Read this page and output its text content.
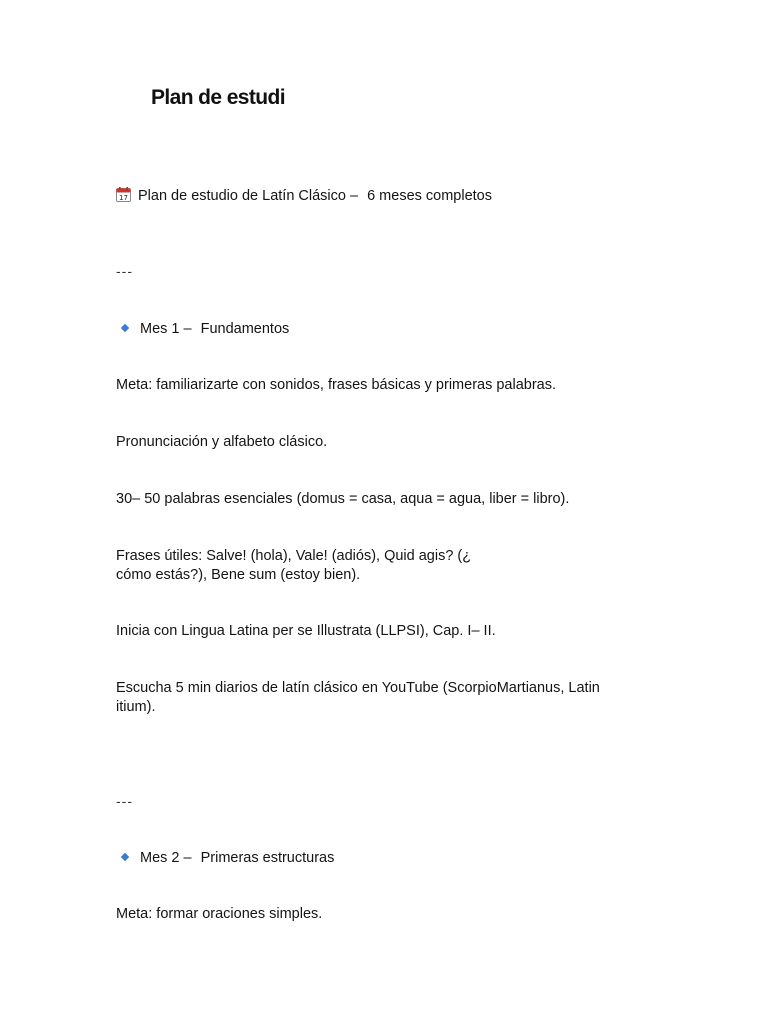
Plan de estudi
17 Plan de estudio de Latín Clásico – 6 meses completos
---
Mes 1 – Fundamentos
Meta: familiarizarte con sonidos, frases básicas y primeras palabras.
Pronunciación y alfabeto clásico.
30– 50 palabras esenciales (domus = casa, aqua = agua, liber = libro).
Frases útiles: Salve! (hola), Vale! (adiós), Quid agis? (¿
cómo estás?), Bene sum (estoy bien).
Inicia con Lingua Latina per se Illustrata (LLPSI), Cap. I– II.
Escucha 5 min diarios de latín clásico en YouTube (ScorpioMartianus, Latin
itium).
---
Mes 2 – Primeras estructuras
Meta: formar oraciones simples.
